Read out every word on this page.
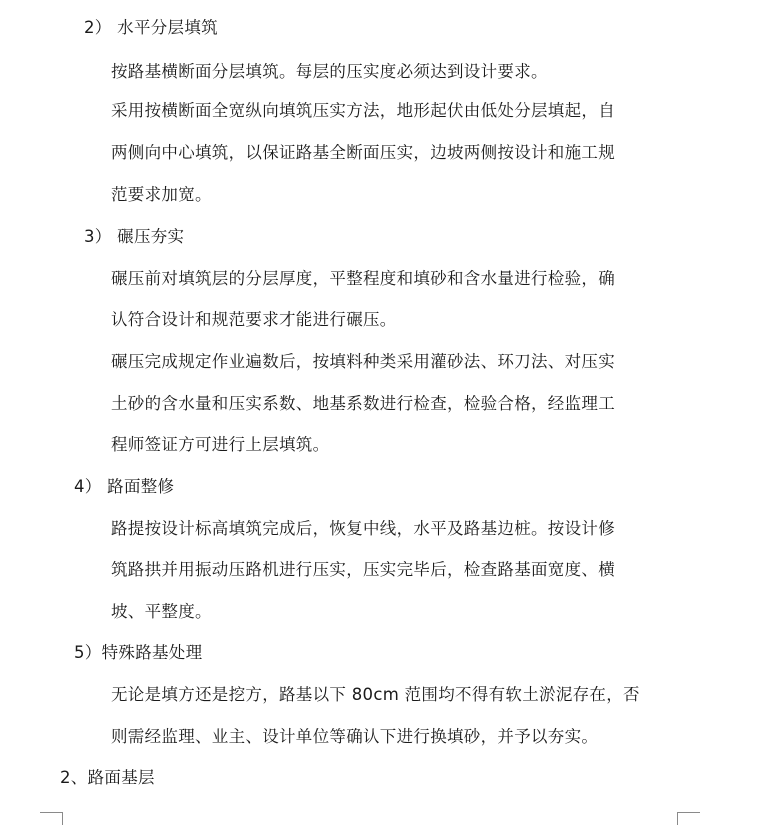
2） 水平分层填筑
按路基横断面分层填筑。每层的压实度必须达到设计要求。
采用按横断面全宽纵向填筑压实方法，地形起伏由低处分层填起，自
两侧向中心填筑，以保证路基全断面压实，边坡两侧按设计和施工规
范要求加宽。
3） 碾压夯实
碾压前对填筑层的分层厚度，平整程度和填砂和含水量进行检验，确
认符合设计和规范要求才能进行碾压。
碾压完成规定作业遍数后，按填料种类采用灌砂法、环刀法、对压实
土砂的含水量和压实系数、地基系数进行检查，检验合格，经监理工
程师签证方可进行上层填筑。
4） 路面整修
路提按设计标高填筑完成后，恢复中线，水平及路基边桩。按设计修
筑路拱并用振动压路机进行压实，压实完毕后，检查路基面宽度、横
坡、平整度。
5）特殊路基处理
无论是填方还是挖方，路基以下 80cm 范围均不得有软土淤泥存在，否
则需经监理、业主、设计单位等确认下进行换填砂，并予以夯实。
2、路面基层
